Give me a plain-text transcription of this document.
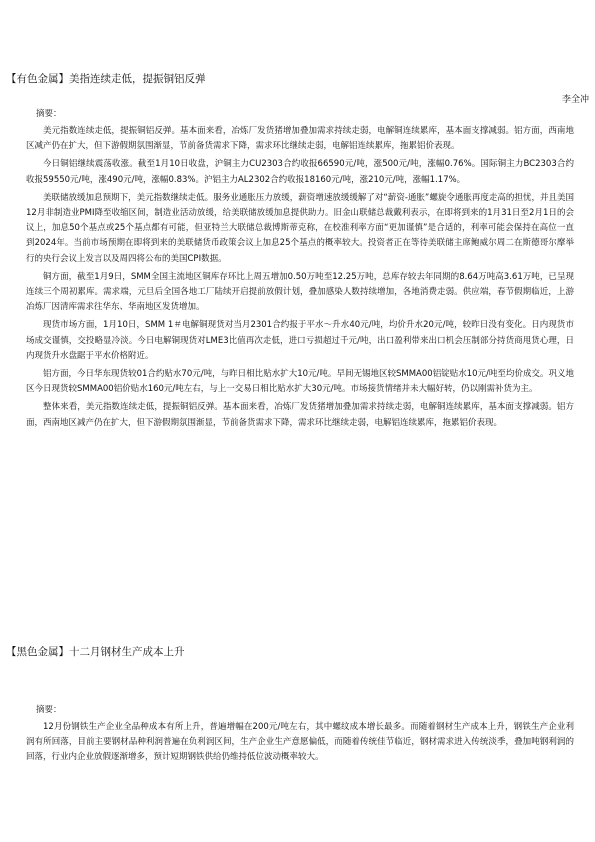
【有色金属】美指连续走低，提振铜铝反弹
李全冲
摘要：

美元指数连续走低，提振铜铝反弹。基本面来看，冶炼厂发货猪增加叠加需求持续走弱，电解铜连续累库，基本面支撑减弱。铝方面，西南地区减产仍在扩大，但下游假期氛围渐显，节前备货需求下降，需求环比继续走弱，电解铝连续累库，拖累铝价表现。

今日铜铝继续震荡收涨。截至1月10日收盘，沪铜主力CU2303合约收报66590元/吨，涨500元/吨，涨幅0.76%。国际铜主力BC2303合约收报59550元/吨，涨490元/吨，涨幅0.83%。沪铝主力AL2302合约收报18160元/吨，涨210元/吨，涨幅1.17%。

美联储放缓加息预期下，美元指数继续走低。服务业通胀压力放缓，薪资增速放缓缓解了对“薪资-通胀”螺旋令通胀再度走高的担忧，并且美国12月非制造业PMI降至收缩区间，制造业活动放缓，给美联储放缓加息提供助力。旧金山联储总裁戴利表示，在即将到来的1月31日至2月1日的会议上，加息50个基点或25个基点都有可能，但亚特兰大联储总裁博斯蒂克称，在校准利率方面“更加谨慎”是合适的，利率可能会保持在高位一直到2024年。当前市场预期在即将到来的美联储货币政策会议上加息25个基点的概率较大。投资者正在等待美联储主席鲍威尔周二在斯德哥尔摩举行的央行会议上发言以及周四将公布的美国CPI数据。

铜方面，截至1月9日，SMM全国主流地区铜库存环比上周五增加0.50万吨至12.25万吨，总库存较去年同期的8.64万吨高3.61万吨，已呈现连续三个周初累库。需求端，元旦后全国各地工厂陆续开启提前放假计划，叠加感染人数持续增加，各地消费走弱。供应端，春节假期临近，上游冶炼厂因清库需求往华东、华南地区发货增加。

现货市场方面，1月10日，SMM 1＃电解铜现货对当月2301合约报于平水～升水40元/吨，均价升水20元/吨，较昨日没有变化。日内现货市场成交谨慎，交投略显冷淡。今日电解铜现货对LME3比值再次走低，进口亏损超过千元/吨，出口盈利带来出口机会压制部分持货商甩货心理，日内现货升水盘踞于平水价格附近。

铝方面，今日华东现货较01合约贴水70元/吨，与昨日相比贴水扩大10元/吨。早间无锡地区较SMMA00铝锭贴水10元/吨至均价成交。巩义地区今日现货较SMMA00铝价贴水160元/吨左右，与上一交易日相比贴水扩大30元/吨。市场接货情绪并未大幅好转，仍以刚需补货为主。

整体来看，美元指数连续走低，提振铜铝反弹。基本面来看，冶炼厂发货猪增加叠加需求持续走弱，电解铜连续累库，基本面支撑减弱。铝方面，西南地区减产仍在扩大，但下游假期氛围渐显，节前备货需求下降，需求环比继续走弱，电解铝连续累库，拖累铝价表现。

【黑色金属】十二月钢材生产成本上升
摘要：

12月份钢铁生产企业全品种成本有所上升，普遍增幅在200元/吨左右，其中螺纹成本增长最多。而随着钢材生产成本上升，钢铁生产企业利润有所回落，目前主要钢材品种利润普遍在负利润区间，生产企业生产意愿偏低，而随着传统佳节临近，钢材需求进入传统淡季，叠加吨钢利润的回落，行业内企业放假逐渐增多，预计短期钢铁供给仍维持低位波动概率较大。
